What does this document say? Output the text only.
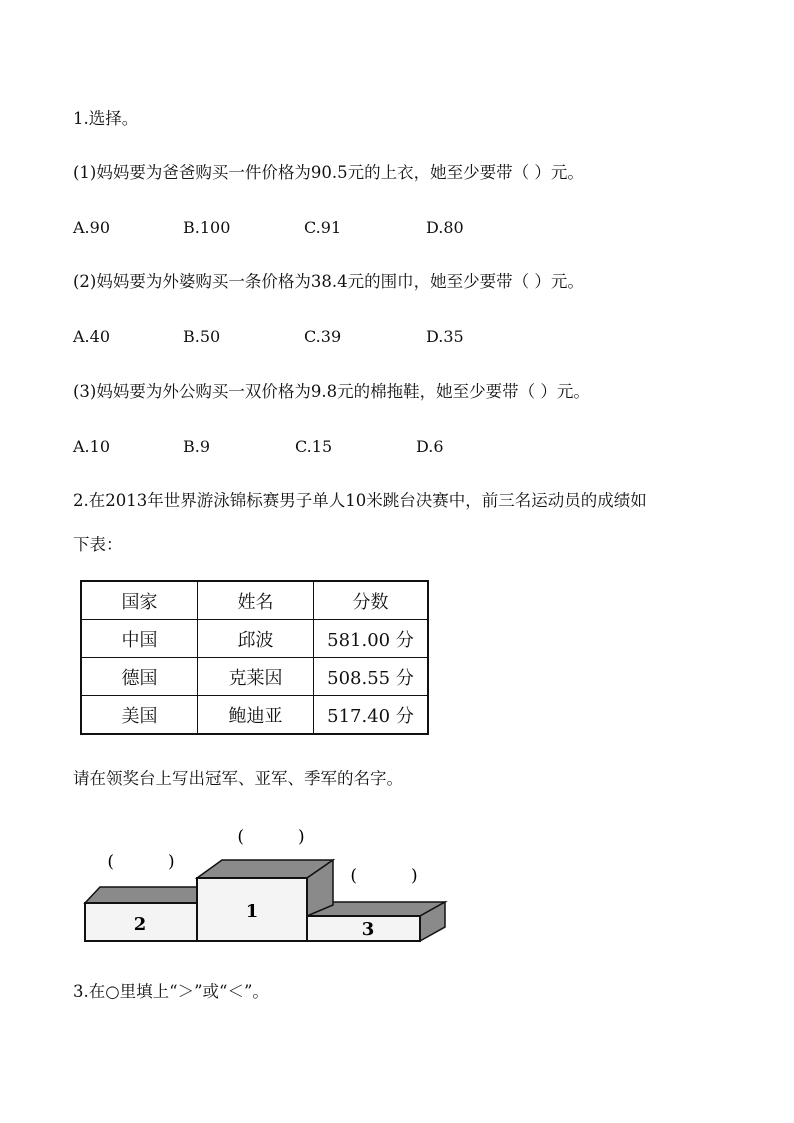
1.选择。
(1)妈妈要为爸爸购买一件价格为90.5元的上衣，她至少要带（ ）元。
A.90	B.100	C.91	D.80
(2)妈妈要为外婆购买一条价格为38.4元的围巾，她至少要带（ ）元。
A.40	B.50	C.39	D.35
(3)妈妈要为外公购买一双价格为9.8元的棉拖鞋，她至少要带（ ）元。
A.10	B.9	C.15	D.6
2.在2013年世界游泳锦标赛男子单人10米跳台决赛中，前三名运动员的成绩如
下表：
国家	姓名	分数
中国	邱波	581.00 分
德国	克莱因	508.55 分
美国	鲍迪亚	517.40 分
请在领奖台上写出冠军、亚军、季军的名字。
2
1
3
(          )
(          )
(          )
3.在○里填上“＞”或“＜”。
